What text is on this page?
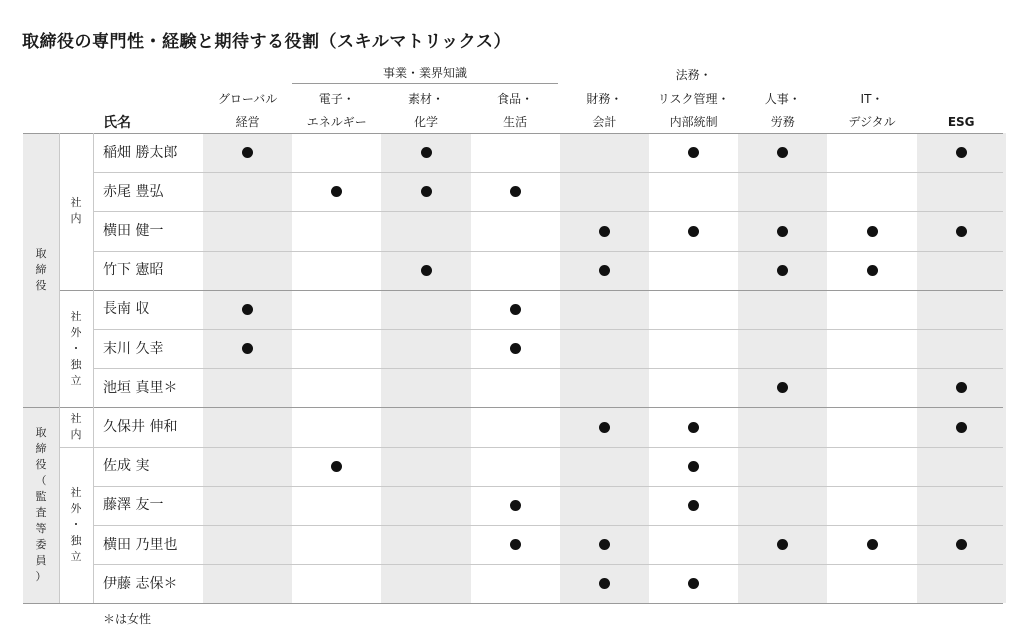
取締役の専門性・経験と期待する役割（スキルマトリックス）
事業・業界知識
氏名
グローバル
経営
電子・
エネルギー
素材・
化学
食品・
生活
財務・
会計
法務・
リスク管理・
内部統制
人事・
労務
IT・
デジタル	ESG
取
締
役
取
締
役
（
監
査
等
委
員
）
社
内
社
外
・
独
立
社
内
社
外
・
独
立
稲畑 勝太郎
赤尾 豊弘
横田 健一
竹下 憲昭
長南 収
末川 久幸
池垣 真里＊
久保井 伸和
佐成 実
藤澤 友一
横田 乃里也
伊藤 志保＊
＊は女性
